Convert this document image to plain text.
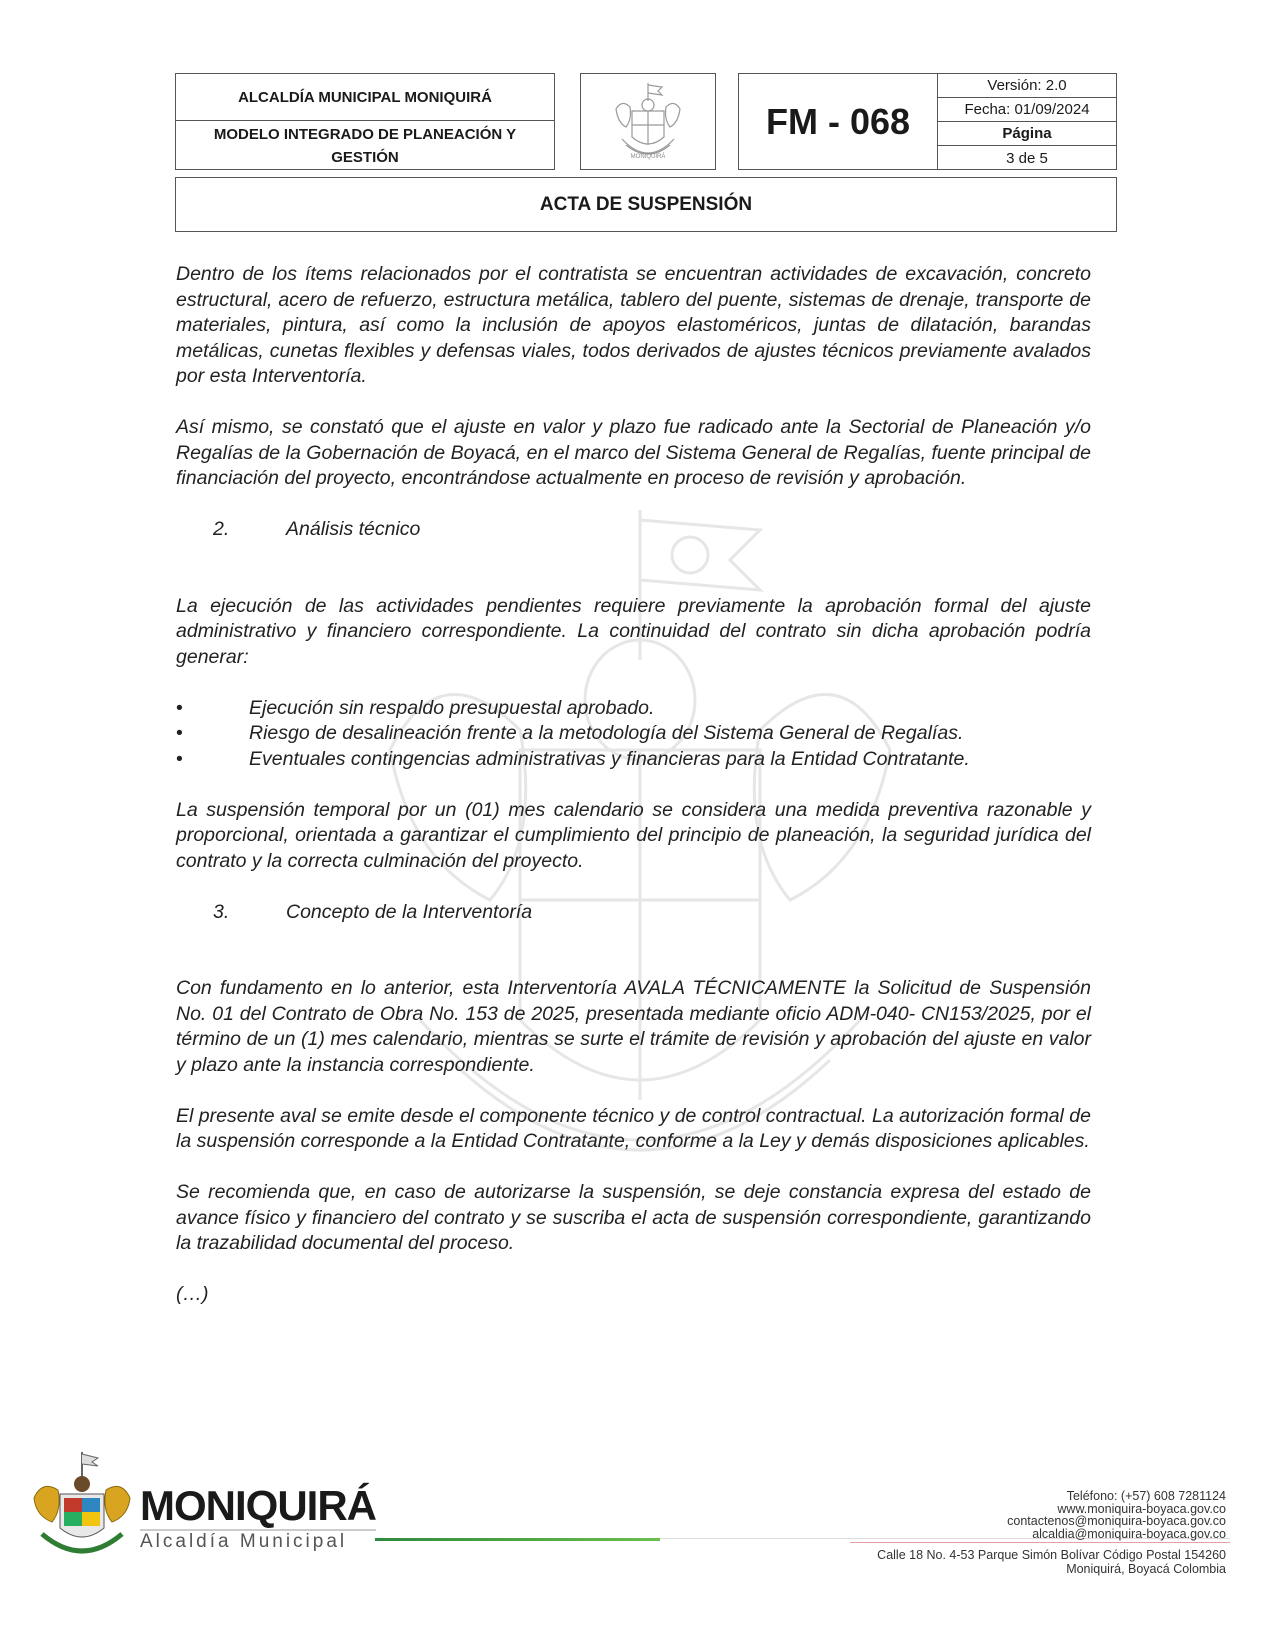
ALCALDÍA MUNICIPAL MONIQUIRÁ
MODELO INTEGRADO DE PLANEACIÓN Y GESTIÓN	MONIQUIRÁ
FM - 068
Versión: 2.0
Fecha: 01/09/2024
Página
3 de 5
ACTA DE SUSPENSIÓN

Dentro de los ítems relacionados por el contratista se encuentran actividades de excavación, concreto estructural, acero de refuerzo, estructura metálica, tablero del puente, sistemas de drenaje, transporte de materiales, pintura, así como la inclusión de apoyos elastoméricos, juntas de dilatación, barandas metálicas, cunetas flexibles y defensas viales, todos derivados de ajustes técnicos previamente avalados por esta Interventoría.

Así mismo, se constató que el ajuste en valor y plazo fue radicado ante la Sectorial de Planeación y/o Regalías de la Gobernación de Boyacá, en el marco del Sistema General de Regalías, fuente principal de financiación del proyecto, encontrándose actualmente en proceso de revisión y aprobación.

2.	Análisis técnico

La ejecución de las actividades pendientes requiere previamente la aprobación formal del ajuste administrativo y financiero correspondiente. La continuidad del contrato sin dicha aprobación podría generar:

•	Ejecución sin respaldo presupuestal aprobado.
•	Riesgo de desalineación frente a la metodología del Sistema General de Regalías.
•	Eventuales contingencias administrativas y financieras para la Entidad Contratante.

La suspensión temporal por un (01) mes calendario se considera una medida preventiva razonable y proporcional, orientada a garantizar el cumplimiento del principio de planeación, la seguridad jurídica del contrato y la correcta culminación del proyecto.

3.	Concepto de la Interventoría

Con fundamento en lo anterior, esta Interventoría AVALA TÉCNICAMENTE la Solicitud de Suspensión No. 01 del Contrato de Obra No. 153 de 2025, presentada mediante oficio ADM-040- CN153/2025, por el término de un (1) mes calendario, mientras se surte el trámite de revisión y aprobación del ajuste en valor y plazo ante la instancia correspondiente.

El presente aval se emite desde el componente técnico y de control contractual. La autorización formal de la suspensión corresponde a la Entidad Contratante, conforme a la Ley y demás disposiciones aplicables.

Se recomienda que, en caso de autorizarse la suspensión, se deje constancia expresa del estado de avance físico y financiero del contrato y se suscriba el acta de suspensión correspondiente, garantizando la trazabilidad documental del proceso.

(…)

MONIQUIRÁ
Alcaldía Municipal
Teléfono: (+57) 608 7281124
www.moniquira-boyaca.gov.co
contactenos@moniquira-boyaca.gov.co
alcaldia@moniquira-boyaca.gov.co
Calle 18 No. 4-53 Parque Simón Bolívar Código Postal 154260
Moniquirá, Boyacá Colombia
